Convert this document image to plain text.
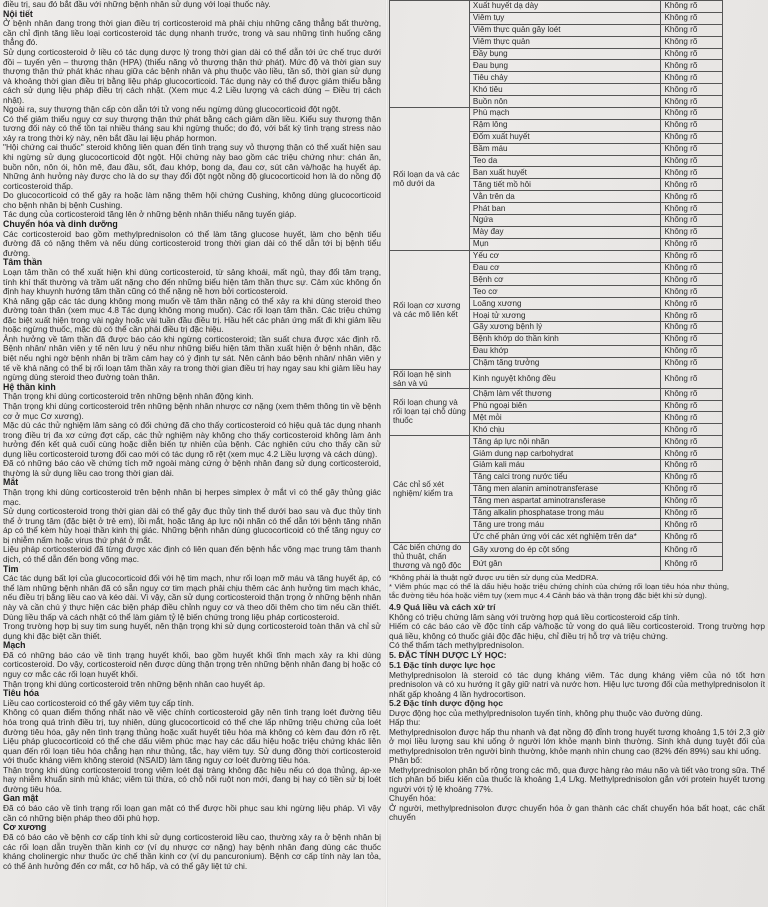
điều trị, sau đó bắt đầu với những bệnh nhân sử dụng với loại thuốc này.

Nội tiết

Ở bệnh nhân đang trong thời gian điều trị corticosteroid mà phải chịu những căng thẳng bất thường, cần chỉ định tăng liều loại corticosteroid tác dụng nhanh trước, trong và sau những tình huống căng thẳng đó.

Sử dụng corticosteroid ở liều có tác dụng dược lý trong thời gian dài có thể dẫn tới ức chế trục dưới đồi – tuyến yên – thượng thận (HPA) (thiểu năng vỏ thượng thận thứ phát). Mức độ và thời gian suy thượng thận thứ phát khác nhau giữa các bệnh nhân và phụ thuộc vào liều, tần số, thời gian sử dụng và khoảng thời gian điều trị bằng liệu pháp glucocorticoid. Tác dụng này có thể được giảm thiểu bằng cách sử dụng liệu pháp điều trị cách nhật. (Xem mục 4.2 Liều lượng và cách dùng – Điều trị cách nhật).

Ngoài ra, suy thượng thận cấp còn dẫn tới tử vong nếu ngừng dùng glucocorticoid đột ngột.

Có thể giảm thiểu nguy cơ suy thượng thận thứ phát bằng cách giảm dần liều. Kiểu suy thượng thận tương đối này có thể tồn tại nhiều tháng sau khi ngừng thuốc; do đó, với bất kỳ tình trạng stress nào xảy ra trong thời kỳ này, nên bắt đầu lại liệu pháp hormon.

"Hội chứng cai thuốc" steroid không liên quan đến tình trạng suy vỏ thượng thận có thể xuất hiện sau khi ngừng sử dụng glucocorticoid đột ngột. Hội chứng này bao gồm các triệu chứng như: chán ăn, buồn nôn, nôn ói, hôn mê, đau đầu, sốt, đau khớp, bong da, đau cơ, sút cân và/hoặc hạ huyết áp. Những ảnh hưởng này được cho là do sự thay đổi đột ngột nồng độ glucocorticoid hơn là do nồng độ corticosteroid thấp.

Do glucocorticoid có thể gây ra hoặc làm nặng thêm hội chứng Cushing, không dùng glucocorticoid cho bệnh nhân bị bệnh Cushing.

Tác dụng của corticosteroid tăng lên ở những bệnh nhân thiểu năng tuyến giáp.

Chuyển hóa và dinh dưỡng

Các corticosteroid bao gồm methylprednisolon có thể làm tăng glucose huyết, làm cho bệnh tiểu đường đã có nặng thêm và nếu dùng corticosteroid trong thời gian dài có thể dẫn tới bị bệnh tiểu đường.

Tâm thần

Loạn tâm thần có thể xuất hiện khi dùng corticosteroid, từ sảng khoái, mất ngủ, thay đổi tâm trạng, tính khí thất thường và trầm uất nặng cho đến những biểu hiện tâm thần thực sự. Cảm xúc không ổn định hay khuynh hướng tâm thần cũng có thể nặng nề hơn bởi corticosteroid.

Khả năng gặp các tác dụng không mong muốn về tâm thần nặng có thể xảy ra khi dùng steroid theo đường toàn thân (xem mục 4.8 Tác dụng không mong muốn). Các rối loạn tâm thần. Các triệu chứng đặc biệt xuất hiện trong vài ngày hoặc vài tuần đầu điều trị. Hầu hết các phản ứng mất đi khi giảm liều hoặc ngừng thuốc, mặc dù có thể cần phải điều trị đặc hiệu.

Ảnh hưởng về tâm thần đã được báo cáo khi ngừng corticosteroid; tần suất chưa được xác định rõ. Bệnh nhân/ nhân viên y tế nên lưu ý nếu như những biểu hiện tâm thần xuất hiện ở bệnh nhân, đặc biệt nếu nghi ngờ bệnh nhân bị trầm cảm hay có ý định tự sát. Nên cảnh báo bệnh nhân/ nhân viên y tế về khả năng có thể bị rối loạn tâm thần xảy ra trong thời gian điều trị hay ngay sau khi giảm liều hay ngừng dùng steroid theo đường toàn thân.

Hệ thần kinh

Thận trọng khi dùng corticosteroid trên những bệnh nhân động kinh.

Thận trọng khi dùng corticosteroid trên những bệnh nhân nhược cơ nặng (xem thêm thông tin về bệnh cơ ở mục Cơ xương).

Mặc dù các thử nghiệm lâm sàng có đối chứng đã cho thấy corticosteroid có hiệu quả tác dụng nhanh trong điều trị đa xơ cứng đợt cấp, các thử nghiệm này không cho thấy corticosteroid không làm ảnh hưởng đến kết quả cuối cùng hoặc diễn biến tự nhiên của bệnh. Các nghiên cứu cho thấy cần sử dụng liều corticosteroid tương đối cao mới có tác dụng rõ rệt (xem mục 4.2 Liều lượng và cách dùng).

Đã có những báo cáo về chứng tích mỡ ngoài màng cứng ở bệnh nhân đang sử dụng corticosteroid, thường là sử dụng liều cao trong thời gian dài.

Mắt

Thận trọng khi dùng corticosteroid trên bệnh nhân bị herpes simplex ở mắt vì có thể gây thủng giác mạc.

Sử dụng corticosteroid trong thời gian dài có thể gây đục thủy tinh thể dưới bao sau và đục thủy tinh thể ở trung tâm (đặc biệt ở trẻ em), lồi mắt, hoặc tăng áp lực nội nhãn có thể dẫn tới bệnh tăng nhãn áp có thể kèm hủy hoại thần kinh thị giác. Những bệnh nhân dùng glucocorticoid có thể tăng nguy cơ bị nhiễm nấm hoặc virus thứ phát ở mắt.

Liệu pháp corticosteroid đã từng được xác định có liên quan đến bệnh hắc võng mạc trung tâm thanh dịch, có thể dẫn đến bong võng mạc.

Tim

Các tác dụng bất lợi của glucocorticoid đối với hệ tim mạch, như rối loạn mỡ máu và tăng huyết áp, có thể làm những bệnh nhân đã có sẵn nguy cơ tim mạch phải chịu thêm các ảnh hưởng tim mạch khác, nếu điều trị bằng liều cao và kéo dài. Vì vậy, cần sử dụng corticosteroid thận trọng ở những bệnh nhân này và cần chú ý thực hiện các biện pháp điều chỉnh nguy cơ và theo dõi thêm cho tim nếu cần thiết. Dùng liều thấp và cách nhật có thể làm giảm tỷ lệ biến chứng trong liệu pháp corticosteroid.

Trong trường hợp bị suy tim sung huyết, nên thận trọng khi sử dụng corticosteroid toàn thân và chỉ sử dụng khi đặc biệt cần thiết.

Mạch

Đã có những báo cáo về tình trạng huyết khối, bao gồm huyết khối tĩnh mạch xảy ra khi dùng corticosteroid. Do vậy, corticosteroid nên được dùng thận trọng trên những bệnh nhân đang bị hoặc có nguy cơ mắc các rối loạn huyết khối.

Thận trọng khi dùng corticosteroid trên những bệnh nhân cao huyết áp.

Tiêu hóa

Liều cao corticosteroid có thể gây viêm tụy cấp tính.

Không có quan điểm thống nhất nào về việc chính corticosteroid gây nên tình trạng loét đường tiêu hóa trong quá trình điều trị, tuy nhiên, dùng glucocorticoid có thể che lấp những triệu chứng của loét đường tiêu hóa, gây nên tình trạng thủng hoặc xuất huyết tiêu hóa mà không có kèm đau đớn rõ rệt. Liệu pháp glucocorticoid có thể che dấu viêm phúc mạc hay các dấu hiệu hoặc triệu chứng khác liên quan đến rối loạn tiêu hóa chẳng hạn như thủng, tắc, hay viêm tụy. Sử dụng đồng thời corticosteroid với thuốc kháng viêm không steroid (NSAID) làm tăng nguy cơ loét đường tiêu hóa.

Thận trọng khi dùng corticosteroid trong viêm loét đại tràng không đặc hiệu nếu có dọa thủng, áp-xe hay nhiễm khuẩn sinh mủ khác; viêm túi thừa, có chỗ nối ruột non mới, đang bị hay có tiền sử bị loét đường tiêu hóa.

Gan mật

Đã có báo cáo về tình trạng rối loạn gan mật có thể được hồi phục sau khi ngừng liệu pháp. Vì vậy cần có những biện pháp theo dõi phù hợp.

Cơ xương

Đã có báo cáo về bệnh cơ cấp tính khi sử dụng corticosteroid liều cao, thường xảy ra ở bệnh nhân bị các rối loạn dẫn truyền thần kinh cơ (ví dụ nhược cơ nặng) hay bệnh nhân đang dùng các thuốc kháng cholinergic như thuốc ức chế thần kinh cơ (ví dụ pancuronium). Bệnh cơ cấp tính này lan tỏa, có thể ảnh hưởng đến cơ mắt, cơ hô hấp, và có thể gây liệt tứ chi.

	Xuất huyết dạ dày	Không rõ
	Viêm tụy	Không rõ
	Viêm thực quản gây loét	Không rõ
	Viêm thực quản	Không rõ
	Đầy bụng	Không rõ
	Đau bụng	Không rõ
	Tiêu chảy	Không rõ
	Khó tiêu	Không rõ
	Buồn nôn	Không rõ
Rối loạn da và các mô dưới da	Phù mạch	Không rõ
	Rậm lông	Không rõ
	Đốm xuất huyết	Không rõ
	Bầm máu	Không rõ
	Teo da	Không rõ
	Ban xuất huyết	Không rõ
	Tăng tiết mồ hôi	Không rõ
	Vằn trên da	Không rõ
	Phát ban	Không rõ
	Ngứa	Không rõ
	Mày đay	Không rõ
	Mụn	Không rõ
Rối loạn cơ xương và các mô liên kết	Yếu cơ	Không rõ
	Đau cơ	Không rõ
	Bệnh cơ	Không rõ
	Teo cơ	Không rõ
	Loãng xương	Không rõ
	Hoại tử xương	Không rõ
	Gãy xương bệnh lý	Không rõ
	Bệnh khớp do thần kinh	Không rõ
	Đau khớp	Không rõ
	Chậm tăng trưởng	Không rõ
Rối loạn hệ sinh sản và vú	Kinh nguyệt không đều	Không rõ
Rối loạn chung và rối loạn tại chỗ dùng thuốc	Chậm làm vết thương	Không rõ
	Phù ngoại biên	Không rõ
	Mệt mỏi	Không rõ
	Khó chịu	Không rõ
Các chỉ số xét nghiệm/ kiểm tra	Tăng áp lực nội nhãn	Không rõ
	Giảm dung nạp carbohydrat	Không rõ
	Giảm kali máu	Không rõ
	Tăng calci trong nước tiểu	Không rõ
	Tăng men alanin aminotransferase	Không rõ
	Tăng men aspartat aminotransferase	Không rõ
	Tăng alkalin phosphatase trong máu	Không rõ
	Tăng ure trong máu	Không rõ
	Ức chế phản ứng với các xét nghiệm trên da*	Không rõ
Các biến chứng do thủ thuật, chấn thương và ngộ độc	Gãy xương do ép cột sống	Không rõ
	Đứt gân	Không rõ

*Không phải là thuật ngữ được ưu tiên sử dụng của MedDRA.

* Viêm phúc mạc có thể là dấu hiệu hoặc triệu chứng chính của chứng rối loạn tiêu hóa như thủng, tắc đường tiêu hóa hoặc viêm tụy (xem mục 4.4 Cảnh báo và thận trọng đặc biệt khi sử dụng).

4.9 Quá liều và cách xử trí

Không có triệu chứng lâm sàng với trường hợp quá liều corticosteroid cấp tính.

Hiếm có các báo cáo về độc tính cấp và/hoặc tử vong do quá liều corticosteroid. Trong trường hợp quá liều, không có thuốc giải độc đặc hiệu, chỉ điều trị hỗ trợ và triệu chứng.

Có thể thẩm tách methylprednisolon.

5. ĐẶC TÍNH DƯỢC LÝ HỌC:
5.1 Đặc tính dược lực học

Methylprednisolon là steroid có tác dụng kháng viêm. Tác dụng kháng viêm của nó tốt hơn prednisolon và có xu hướng ít gây giữ natri và nước hơn. Hiệu lực tương đối của methylprednisolon ít nhất gấp khoảng 4 lần hydrocortison.

5.2 Đặc tính dược động học

Dược động học của methylprednisolon tuyến tính, không phụ thuộc vào đường dùng.

Hấp thu:

Methylprednisolon được hấp thu nhanh và đạt nồng độ đỉnh trong huyết tương khoảng 1,5 tới 2,3 giờ ở mọi liều lượng sau khi uống ở người lớn khỏe mạnh bình thường. Sinh khả dụng tuyệt đối của methylprednisolon trên người bình thường, khỏe mạnh nhìn chung cao (82% đến 89%) sau khi uống.

Phân bố:

Methylprednisolon phân bố rộng trong các mô, qua được hàng rào máu não và tiết vào trong sữa. Thể tích phân bố biểu kiến của thuốc là khoảng 1,4 L/kg. Methylprednisolon gắn với protein huyết tương người với tỷ lệ khoảng 77%.

Chuyển hóa:

Ở người, methylprednisolon được chuyển hóa ở gan thành các chất chuyển hóa bất hoạt, các chất chuyển
